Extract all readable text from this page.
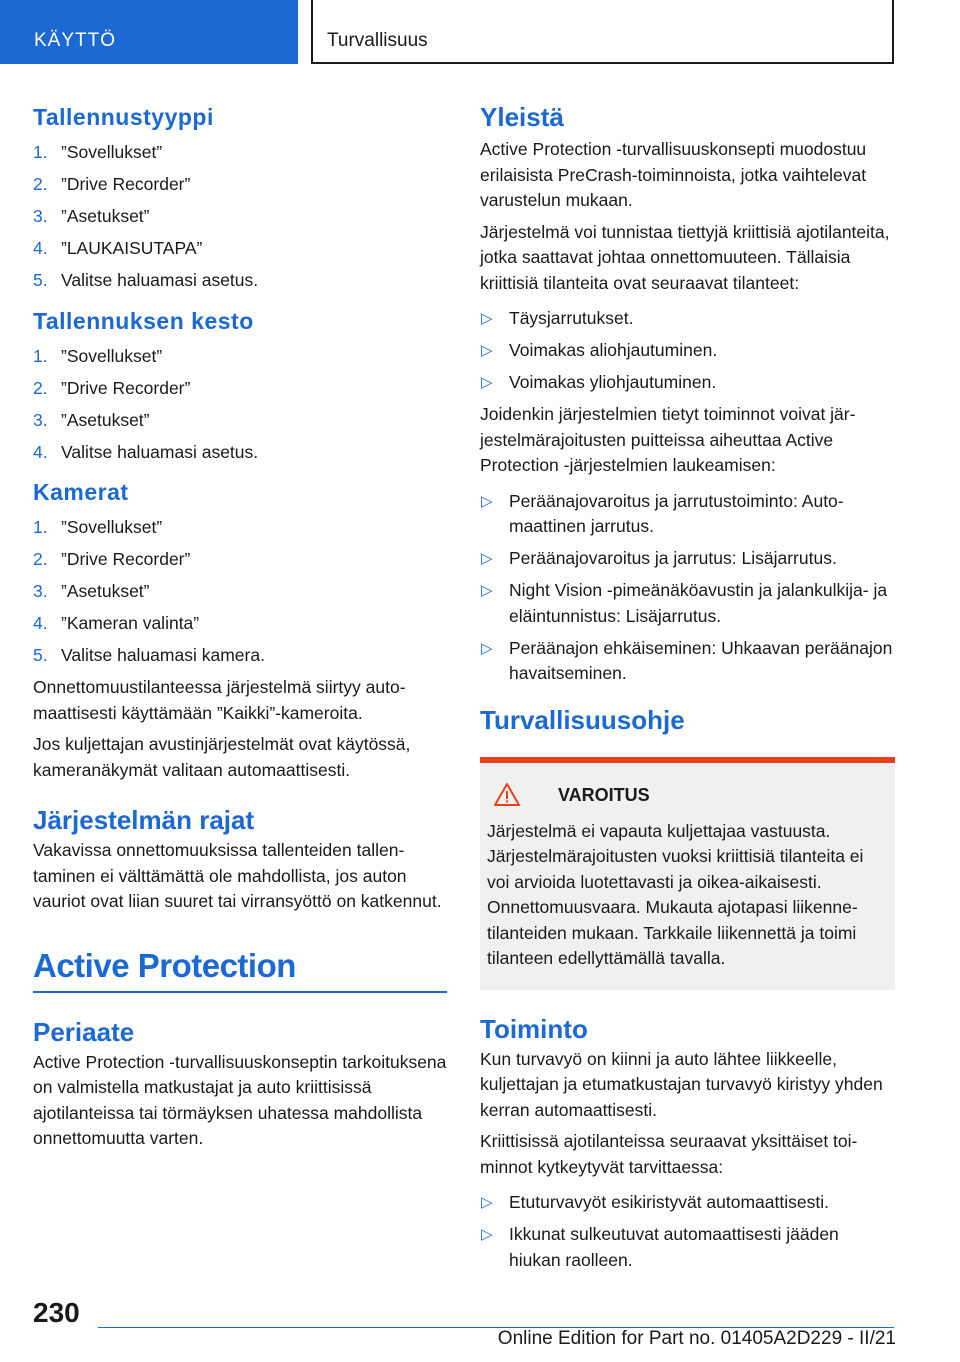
KÄYTTÖ	Turvallisuus
Tallennustyyppi
1. ”Sovellukset”
2. ”Drive Recorder”
3. ”Asetukset”
4. ”LAUKAISUTAPA”
5. Valitse haluamasi asetus.
Tallennuksen kesto
1. ”Sovellukset”
2. ”Drive Recorder”
3. ”Asetukset”
4. Valitse haluamasi asetus.
Kamerat
1. ”Sovellukset”
2. ”Drive Recorder”
3. ”Asetukset”
4. ”Kameran valinta”
5. Valitse haluamasi kamera.

Onnettomuustilanteessa järjestelmä siirtyy automaattisesti käyttämään ”Kaikki”-kameroita.

Jos kuljettajan avustinjärjestelmät ovat käytössä, kameranäkymät valitaan automaattisesti.

Järjestelmän rajat

Vakavissa onnettomuuksissa tallenteiden tallentaminen ei välttämättä ole mahdollista, jos auton vauriot ovat liian suuret tai virransyöttö on katkennut.

Active Protection
Periaate

Active Protection -turvallisuuskonseptin tarkoituksena on valmistella matkustajat ja auto kriittisissä ajotilanteissa tai törmäyksen uhatessa mahdollista onnettomuutta varten.

Yleistä

Active Protection -turvallisuuskonsepti muodostuu erilaisista PreCrash-toiminnoista, jotka vaihtelevat varustelun mukaan.

Järjestelmä voi tunnistaa tiettyjä kriittisiä ajotilanteita, jotka saattavat johtaa onnettomuuteen. Tällaisia kriittisiä tilanteita ovat seuraavat tilanteet:

▷ Täysjarrutukset.
▷ Voimakas aliohjautuminen.
▷ Voimakas yliohjautuminen.

Joidenkin järjestelmien tietyt toiminnot voivat järjestelmärajoitusten puitteissa aiheuttaa Active Protection -järjestelmien laukeamisen:

▷ Peräänajovaroitus ja jarrutustoiminto: Automaattinen jarrutus.
▷ Peräänajovaroitus ja jarrutus: Lisäjarrutus.
▷ Night Vision -pimeänäköavustin ja jalankulkija- ja eläintunnistus: Lisäjarrutus.
▷ Peräänajon ehkäiseminen: Uhkaavan peräänajon havaitseminen.
Turvallisuusohje
VAROITUS
Järjestelmä ei vapauta kuljettajaa vastuusta. Järjestelmärajoitusten vuoksi kriittisiä tilanteita ei voi arvioida luotettavasti ja oikea-aikaisesti. Onnettomuusvaara. Mukauta ajotapasi liikennetilanteiden mukaan. Tarkkaile liikennettä ja toimi tilanteen edellyttämällä tavalla.
Toiminto

Kun turvavyö on kiinni ja auto lähtee liikkeelle, kuljettajan ja etumatkustajan turvavyö kiristyy yhden kerran automaattisesti.

Kriittisissä ajotilanteissa seuraavat yksittäiset toiminnot kytkeytyvät tarvittaessa:

▷ Etuturvavyöt esikiristyvät automaattisesti.
▷ Ikkunat sulkeutuvat automaattisesti jääden hiukan raolleen.
230
Online Edition for Part no. 01405A2D229 - II/21
